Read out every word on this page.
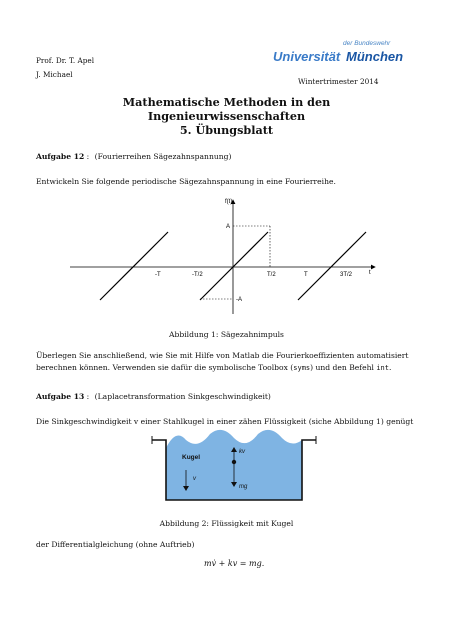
Prof. Dr. T. Apel
J. Michael
der Bundeswehr
Universität München
Wintertrimester 2014
Mathematische Methoden in den
Ingenieurwissenschaften
5. Übungsblatt
Aufgabe 12 : (Fourierreihen Sägezahnspannung)
Entwickeln Sie folgende periodische Sägezahnspannung in eine Fourierreihe.
f(t)
t
A
-A
-T	-T/2	T/2	T	3T/2
Abbildung 1: Sägezahnimpuls
Überlegen Sie anschließend, wie Sie mit Hilfe von Matlab die Fourierkoeffizienten automatisiert
berechnen können. Verwenden sie dafür die symbolische Toolbox (syms) und den Befehl int.
Aufgabe 13 : (Laplacetransformation Sinkgeschwindigkeit)
Die Sinkgeschwindigkeit v einer Stahlkugel in einer zähen Flüssigkeit (siche Abbildung 1) genügt
Kugel
kv
mg
v
Abbildung 2: Flüssigkeit mit Kugel
der Differentialgleichung (ohne Auftrieb)
mv̇ + kv = mg.
